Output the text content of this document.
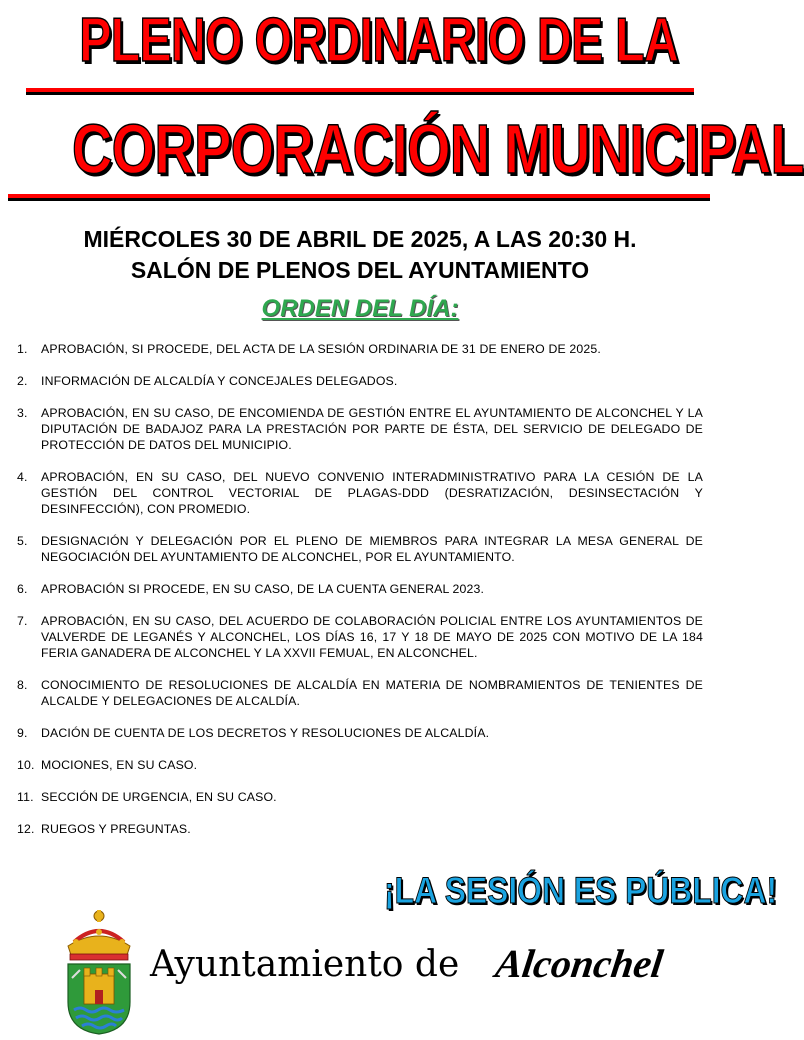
PLENO ORDINARIO DE LA
CORPORACIÓN MUNICIPAL
MIÉRCOLES 30 DE ABRIL DE 2025, A LAS 20:30 H.
SALÓN DE PLENOS DEL AYUNTAMIENTO
ORDEN DEL DÍA:
1.	APROBACIÓN, SI PROCEDE, DEL ACTA DE LA SESIÓN ORDINARIA DE 31 DE ENERO DE 2025.
2.	INFORMACIÓN DE ALCALDÍA Y CONCEJALES DELEGADOS.
3.	APROBACIÓN, EN SU CASO, DE ENCOMIENDA DE GESTIÓN ENTRE EL AYUNTAMIENTO DE ALCONCHEL Y LA DIPUTACIÓN DE BADAJOZ PARA LA PRESTACIÓN POR PARTE DE ÉSTA, DEL SERVICIO DE DELEGADO DE PROTECCIÓN DE DATOS DEL MUNICIPIO.
4.	APROBACIÓN, EN SU CASO, DEL NUEVO CONVENIO INTERADMINISTRATIVO PARA LA CESIÓN DE LA GESTIÓN DEL CONTROL VECTORIAL DE PLAGAS-DDD (DESRATIZACIÓN, DESINSECTACIÓN Y DESINFECCIÓN), CON PROMEDIO.
5.	DESIGNACIÓN Y DELEGACIÓN POR EL PLENO DE MIEMBROS PARA INTEGRAR LA MESA GENERAL DE NEGOCIACIÓN DEL AYUNTAMIENTO DE ALCONCHEL, POR EL AYUNTAMIENTO.
6.	APROBACIÓN SI PROCEDE, EN SU CASO, DE LA CUENTA GENERAL 2023.
7.	APROBACIÓN, EN SU CASO, DEL ACUERDO DE COLABORACIÓN POLICIAL ENTRE LOS AYUNTAMIENTOS DE VALVERDE DE LEGANÉS Y ALCONCHEL, LOS DÍAS 16, 17 Y 18 DE MAYO DE 2025 CON MOTIVO DE LA 184 FERIA GANADERA DE ALCONCHEL Y LA XXVII FEMUAL, EN ALCONCHEL.
8.	CONOCIMIENTO DE RESOLUCIONES DE ALCALDÍA EN MATERIA DE NOMBRAMIENTOS DE TENIENTES DE ALCALDE Y DELEGACIONES DE ALCALDÍA.
9.	DACIÓN DE CUENTA DE LOS DECRETOS Y RESOLUCIONES DE ALCALDÍA.
10. MOCIONES, EN SU CASO.
11. SECCIÓN DE URGENCIA, EN SU CASO.
12. RUEGOS Y PREGUNTAS.
¡LA SESIÓN ES PÚBLICA!
Ayuntamiento de Alconchel
